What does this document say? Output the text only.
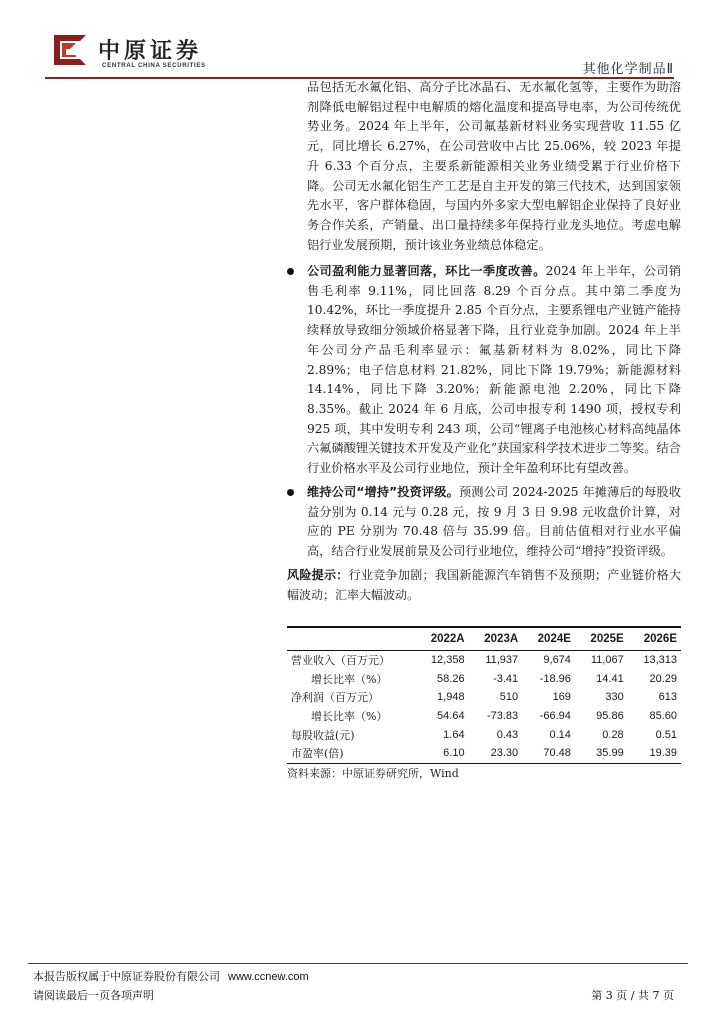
中原证券
CENTRAL CHINA SECURITIES	其他化学制品Ⅱ
品包括无水氟化铝、高分子比冰晶石、无水氟化氢等，主要作为助溶剂降低电解铝过程中电解质的熔化温度和提高导电率，为公司传统优势业务。2024 年上半年，公司氟基新材料业务实现营收 11.55 亿元，同比增长 6.27%，在公司营收中占比 25.06%，较 2023 年提升 6.33 个百分点，主要系新能源相关业务业绩受累于行业价格下降。公司无水氟化铝生产工艺是自主开发的第三代技术，达到国家领先水平，客户群体稳固，与国内外多家大型电解铝企业保持了良好业务合作关系，产销量、出口量持续多年保持行业龙头地位。考虑电解铝行业发展预期，预计该业务业绩总体稳定。
公司盈利能力显著回落，环比一季度改善。2024 年上半年，公司销售毛利率 9.11%，同比回落 8.29 个百分点。其中第二季度为 10.42%，环比一季度提升 2.85 个百分点，主要系锂电产业链产能持续释放导致细分领域价格显著下降，且行业竞争加剧。2024 年上半年公司分产品毛利率显示：氟基新材料为 8.02%，同比下降 2.89%；电子信息材料 21.82%，同比下降 19.79%；新能源材料 14.14%，同比下降 3.20%；新能源电池 2.20%，同比下降 8.35%。截止 2024 年 6 月底，公司申报专利 1490 项，授权专利 925 项，其中发明专利 243 项，公司“锂离子电池核心材料高纯晶体六氟磷酸锂关键技术开发及产业化”获国家科学技术进步二等奖。结合行业价格水平及公司行业地位，预计全年盈利环比有望改善。
维持公司“增持”投资评级。预测公司 2024-2025 年摊薄后的每股收益分别为 0.14 元与 0.28 元，按 9 月 3 日 9.98 元收盘价计算，对应的 PE 分别为 70.48 倍与 35.99 倍。目前估值相对行业水平偏高，结合行业发展前景及公司行业地位，维持公司“增持”投资评级。
风险提示：行业竞争加剧；我国新能源汽车销售不及预期；产业链价格大幅波动；汇率大幅波动。
	2022A	2023A	2024E	2025E	2026E
营业收入（百万元）	12,358	11,937	9,674	11,067	13,313
增长比率（%）	58.26	-3.41	-18.96	14.41	20.29
净利润（百万元）	1,948	510	169	330	613
增长比率（%）	54.64	-73.83	-66.94	95.86	85.60
每股收益(元)	1.64	0.43	0.14	0.28	0.51
市盈率(倍)	6.10	23.30	70.48	35.99	19.39
资料来源：中原证券研究所，Wind
本报告版权属于中原证券股份有限公司 www.ccnew.com
请阅读最后一页各项声明	第 3 页 / 共 7 页
